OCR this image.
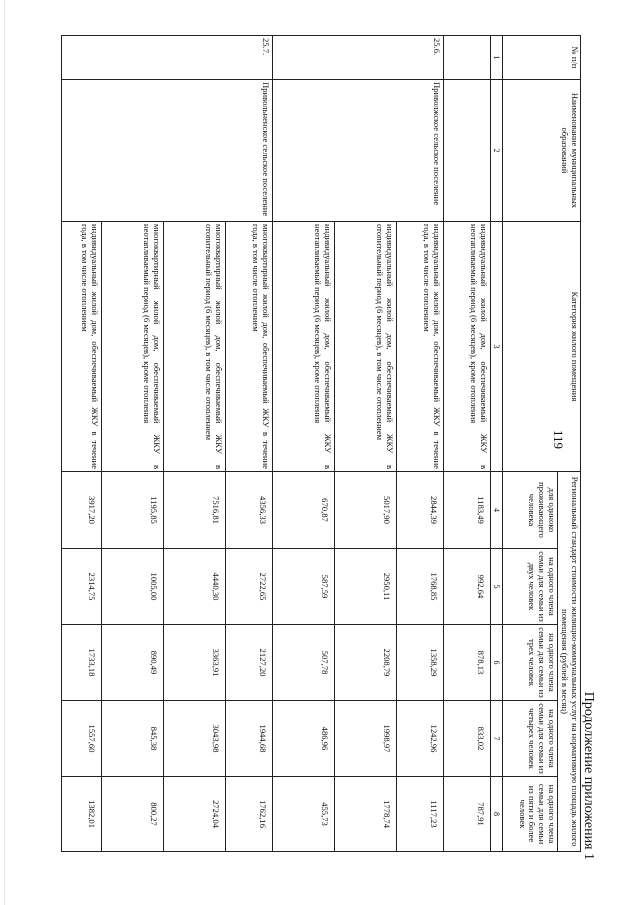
119
Продолжение приложения 1
№ п/п	Наименование муниципальных образований	Категория жилого помещения	Региональный стандарт стоимости жилищно-коммунальных услуг на нормативную площадь жилого помещения (рублей в месяц)				
			для одиноко проживающего человека	на одного члена семьи для семьи из двух человек	на одного члена семьи для семьи из трех человек	на одного члена семьи для семьи из четырех человек	на одного члена семьи для семьи из пяти и более человек
1	2	3	4	5	6	7	8
		индивидуальный жилой дом, обеспечиваемый ЖКУ в неотапливаемый период (6 месяцев), кроме отопления	1183,49	992,64	878,13	833,02	787,91
25.6.	Приволжское сельское поселение	индивидуальный жилой дом, обеспечиваемый ЖКУ в течение года, в том числе отоплением	2844,39	1768,85	1358,29	1242,96	1117,23
		индивидуальный жилой дом, обеспечиваемый ЖКУ в отопительный период (6 месяцев), в том числе отоплением	5017,90	2950,11	2208,79	1998,97	1778,74
		индивидуальный жилой дом, обеспечиваемый ЖКУ в неотапливаемый период (6 месяцев), кроме отопления	670,87	587,59	507,78	486,96	455,73
25.7.	Привольненское сельское поселение	многоквартирный жилой дом, обеспечиваемый ЖКУ в течение года, в том числе отоплением	4356,33	2722,65	2127,20	1944,68	1762,16
		многоквартирный жилой дом, обеспечиваемый ЖКУ в отопительный период (6 месяцев), в том числе отоплением	7516,81	4440,30	3363,91	3043,98	2724,04
		многоквартирный жилой дом, обеспечиваемый ЖКУ в неотапливаемый период (6 месяцев), кроме отопления	1195,85	1005,00	890,49	845,38	800,27
		индивидуальный жилой дом, обеспечиваемый ЖКУ в течение года, в том числе отоплением	3917,20	2314,75	1733,18	1557,60	1382,01
